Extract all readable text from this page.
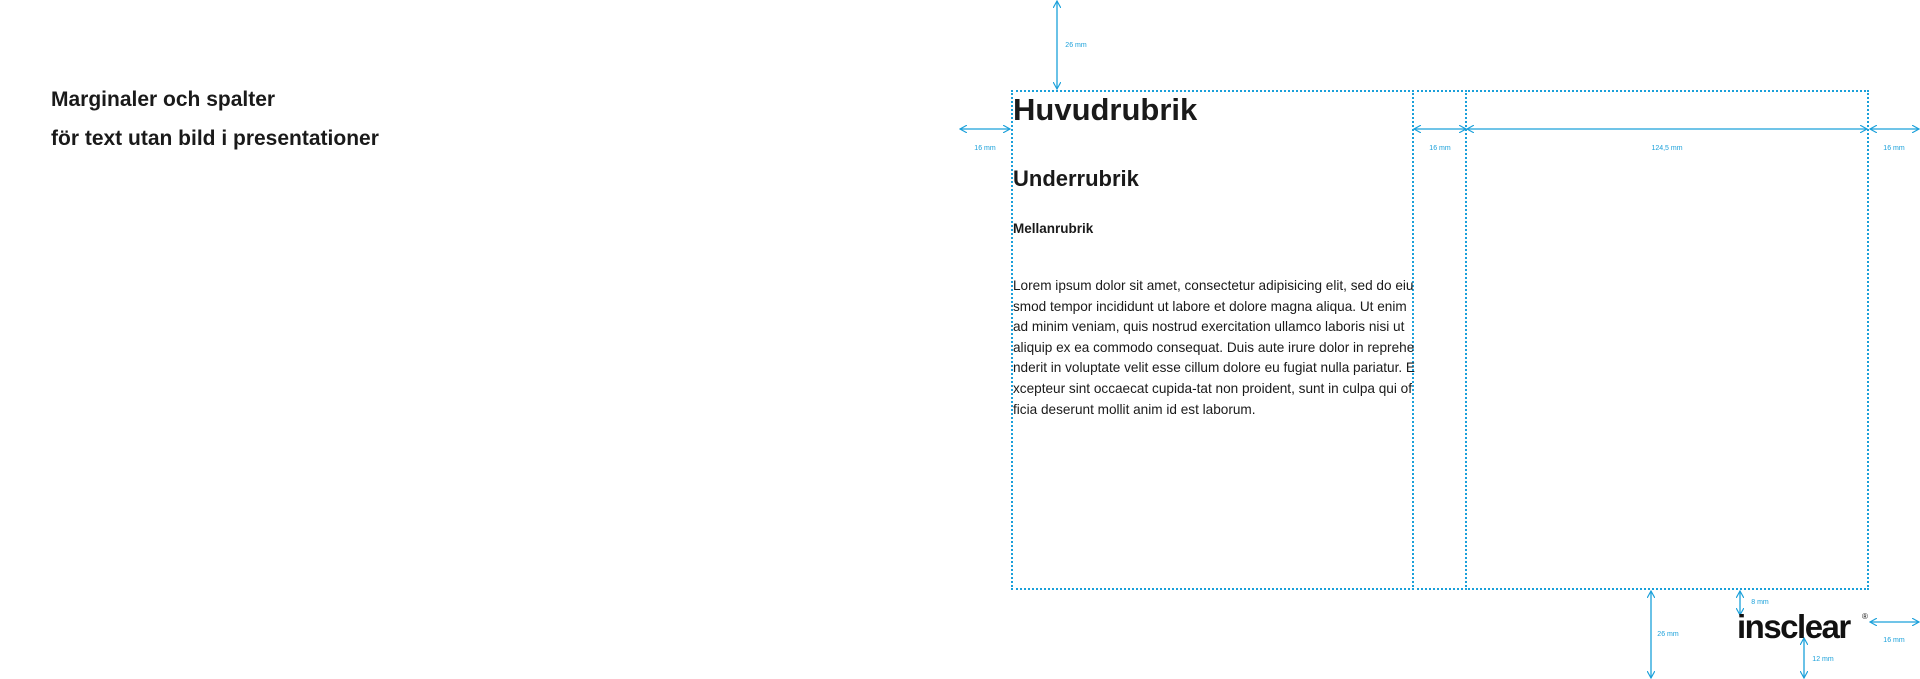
Marginaler och spalter
för text utan bild i presentationer
Huvudrubrik
Underrubrik
Mellanrubrik

Lorem ipsum dolor sit amet, consectetur adipisicing elit, sed do eiusmod tempor incididunt ut labore et dolore magna aliqua. Ut enim ad minim veniam, quis nostrud exercitation ullamco laboris nisi ut aliquip ex ea commodo consequat. Duis aute irure dolor in reprehenderit in voluptate velit esse cillum dolore eu fugiat nulla pariatur. Excepteur sint occaecat cupida-tat non proident, sunt in culpa qui officia deserunt mollit anim id est laborum.

26 mm
16 mm	16 mm	124,5 mm	16 mm
26 mm
8 mm
16 mm
12 mm
insclear ®
